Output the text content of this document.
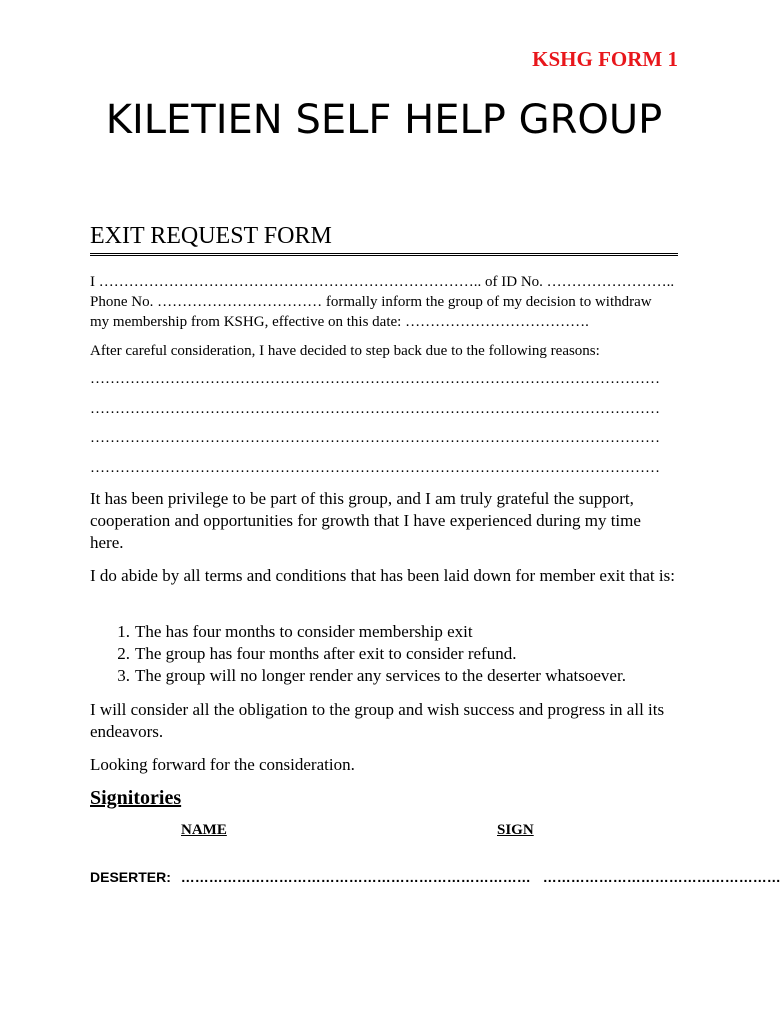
KSHG FORM 1
KILETIEN SELF HELP GROUP
EXIT REQUEST FORM

I ………………………………………………………………….. of ID No. ……………………..

Phone No. …………………………… formally inform the group of my decision to withdraw

my membership from KSHG, effective on this date: ……………………………….

After careful consideration, I have decided to step back due to the following reasons:

……………………………………………………………………………………………………
……………………………………………………………………………………………………
……………………………………………………………………………………………………
……………………………………………………………………………………………………

It has been privilege to be part of this group, and I am truly grateful the support, cooperation and opportunities for growth that I have experienced during my time here.

I do abide by all terms and conditions that has been laid down for member exit that is:

1. The has four months to consider membership exit
2. The group has four months after exit to consider refund.
3. The group will no longer render any services to the deserter whatsoever.

I will consider all the obligation to the group and wish success and progress in all its endeavors.

Looking forward for the consideration.

Signitories
NAME	SIGN
DESERTER: ………………………………………………………………… ……………………………………………
